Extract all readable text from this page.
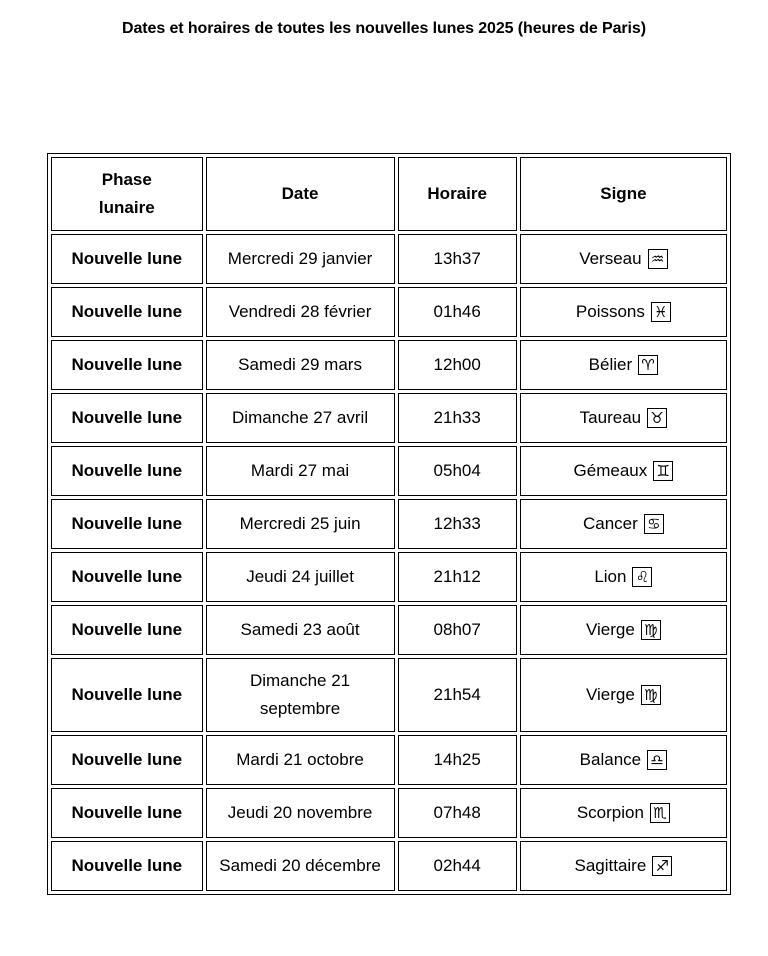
Dates et horaires de toutes les nouvelles lunes 2025 (heures de Paris)
Phase lunaire	Date	Horaire	Signe
Nouvelle lune	Mercredi 29 janvier	13h37	Verseau ♒

Nouvelle lune	Vendredi 28 février	01h46	Poissons ♓

Nouvelle lune	Samedi 29 mars	12h00	Bélier ♈

Nouvelle lune	Dimanche 27 avril	21h33	Taureau ♉

Nouvelle lune	Mardi 27 mai	05h04	Gémeaux ♊

Nouvelle lune	Mercredi 25 juin	12h33	Cancer ♋

Nouvelle lune	Jeudi 24 juillet	21h12	Lion ♌

Nouvelle lune	Samedi 23 août	08h07	Vierge ♍

Nouvelle lune	Dimanche 21 septembre	21h54	Vierge ♍

Nouvelle lune	Mardi 21 octobre	14h25	Balance ♎

Nouvelle lune	Jeudi 20 novembre	07h48	Scorpion ♏

Nouvelle lune	Samedi 20 décembre	02h44	Sagittaire ♐
